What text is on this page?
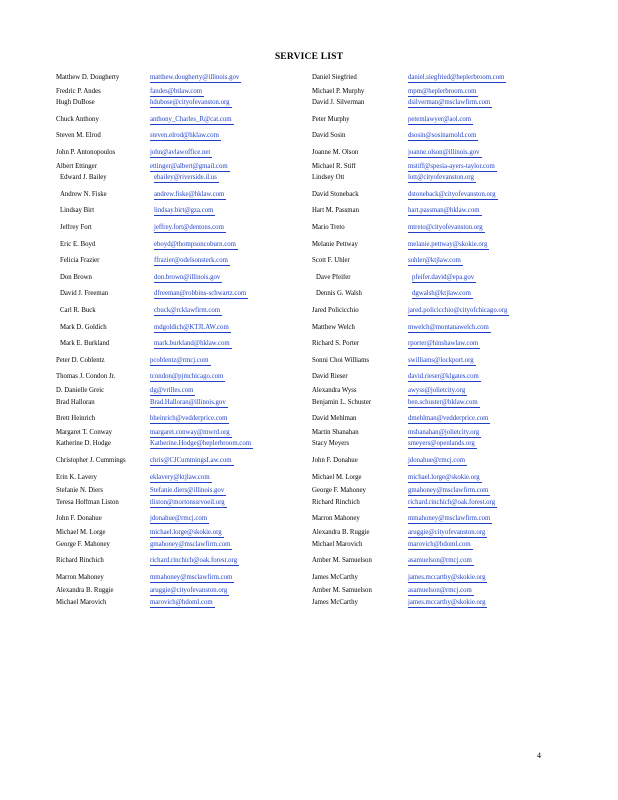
SERVICE LIST
Matthew D. Dougherty	matthew.dougherty@illinois.gov
Fredric P. Andes	fandes@btlaw.com
Hugh DuBose	hdubose@cityofevanston.org
Chuck Anthony	anthony_Charles_R@cat.com
Steven M. Elrod	steven.elrod@hklaw.com
John P. Antonopoulos	john@avlawoffice.net
Albert Ettinger	ettinger@albert@gmail.com
Edward J. Bailey	ebailey@riverside.il.us
Andrew N. Fiske	andrew.fiske@hklaw.com
Lindsay Birt	lindsay.birt@gza.com
Jeffrey Fort	jeffrey.fort@dentons.com
Eric E. Boyd	eboyd@thompsoncoburn.com
Felicia Frazier	ffrazier@odelsonsterk.com
Don Brown	don.brown@illinois.gov
David J. Freeman	dfreeman@robbins-schwartz.com
Carl R. Buck	cbuck@rcklawfirm.com
Mark D. Goldich	mdgoldich@KTJLAW.com
Mark E. Burkland	mark.burkland@hklaw.com
Peter D. Coblentz	pcoblentz@rmcj.com
Thomas J. Condon Jr.	tcondon@pjmchicago.com
D. Danielle Greic	dg@vrilles.com
Brad Halloran	Brad.Halloran@illinois.gov
Brett Heinrich	bheinrich@vedderprice.com
Margaret T. Conway	margaret.conway@mwrd.org
Katherine D. Hodge	Katherine.Hodge@heplerbroom.com
Christopher J. Cummings	chris@CJCummingsLaw.com
Erin K. Lavery	eklavery@ktjlaw.com
Stefanie N. Diers	Stefanie.diers@illinois.gov
Teresa Hoffman Liston	tliston@mortonssrvoeil.org
John F. Donahue	jdonahue@rmcj.com
Michael M. Lorge	michael.lorge@skokie.org
George F. Mahoney	gmahoney@msclawfirm.com
Richard Rinchich	richard.rinchich@oak.forest.org
Marron Mahoney	mmahoney@msclawfirm.com
Alexandra B. Ruggie	aruggie@cityofevanston.org
Michael Marovich	marovich@hdoml.com
Daniel Siegfried	daniel.siegfried@heplerbroom.com
Michael P. Murphy	mpm@heplerbroom.com
David J. Silverman	dsilverman@msclawfirm.com
Peter Murphy	petemlawyer@aol.com
David Sosin	dsosin@sosinarnold.com
Joanne M. Olson	joanne.olson@illinois.gov
Michael R. Stiff	mstiff@spesia-ayers-taylor.com
Lindsey Ott	lott@cityofevanston.org
David Stoneback	dstoneback@cityofevanston.org
Hart M. Passman	hart.passman@hklaw.com
Mario Treto	mtreto@cityofevanston.org
Melanie Pettway	melanie.pettway@skokie.org
Scott F. Uhler	suhler@ktjlaw.com
Dave Pfeifer	pfeifer.david@epa.gov
Dennis G. Walsh	dgwalsh@ktjlaw.com
Jared Policicchio	jared.policicchio@cityofchicago.org
Matthew Welch	mwelch@montanawelch.com
Richard S. Porter	rporter@hinshawlaw.com
Sonni Choi Williams	swilliams@lockport.org
David Rieser	david.rieser@klgates.com
Alexandra Wyss	awyss@jolietcity.org
Benjamin L. Schuster	ben.schuster@hklaw.com
David Mehlman	dmehlman@vedderprice.com
Martin Shanahan	mshanahan@jolietcity.org
Stacy Meyers	smeyers@openlands.org
John F. Donahue	jdonahue@rmcj.com
Michael M. Lorge	michael.lorge@skokie.org
George F. Mahoney	gmahoney@msclawfirm.com
Richard Rinchich	richard.rinchich@oak.forest.org
Marron Mahoney	mmahoney@msclawfirm.com
Alexandra B. Ruggie	aruggie@cityofevanston.org
Michael Marovich	marovich@hdoml.com
Amber M. Samuelson	asamuelson@rmcj.com
James McCarthy	james.mccarthy@skokie.org
Amber M. Samuelson	asamuelson@rmcj.com
James McCarthy	james.mccarthy@skokie.org
4
